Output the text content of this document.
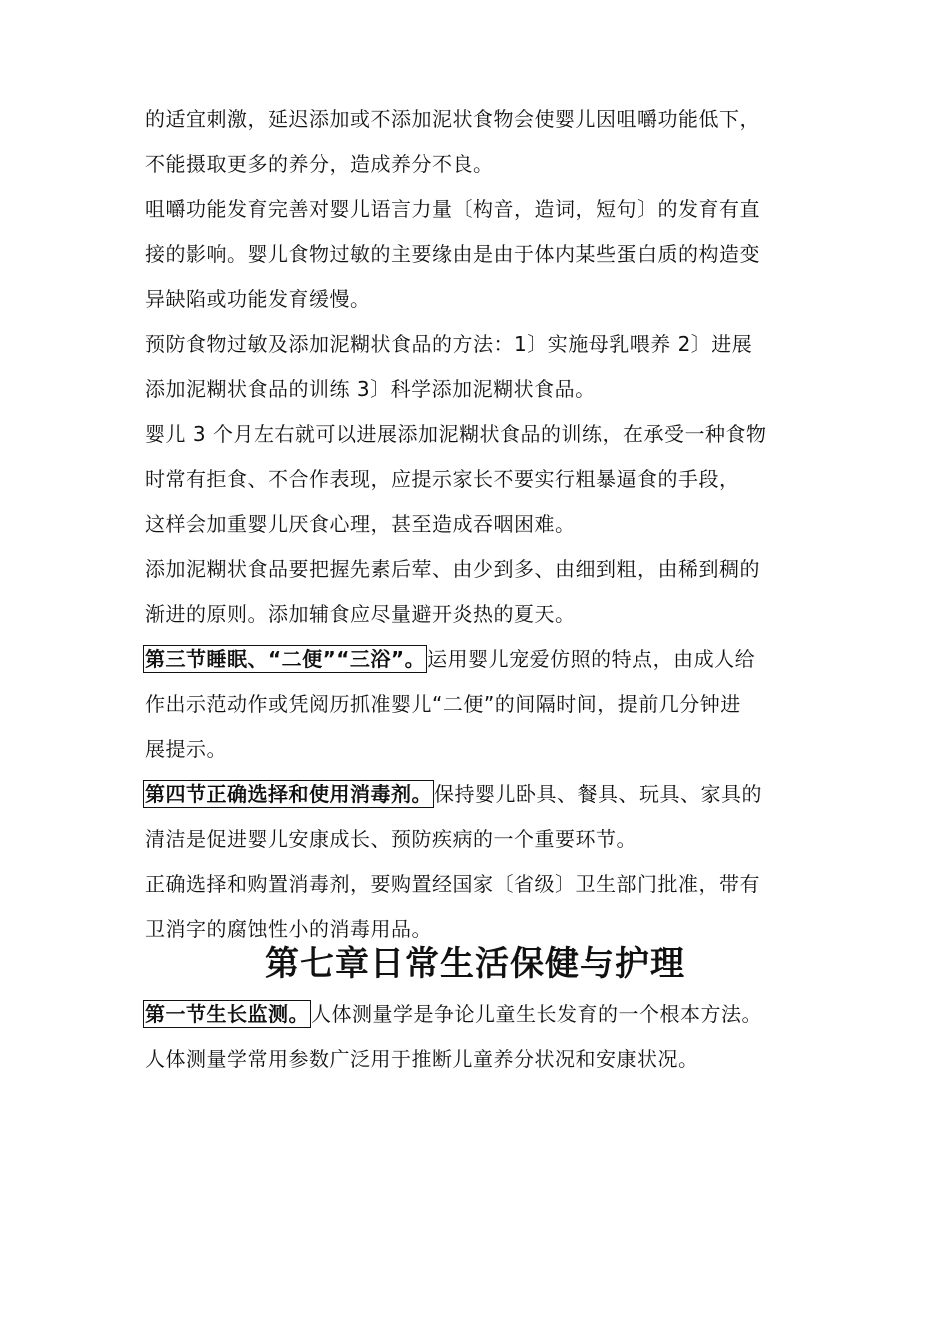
的适宜刺激，延迟添加或不添加泥状食物会使婴儿因咀嚼功能低下，
不能摄取更多的养分，造成养分不良。
咀嚼功能发育完善对婴儿语言力量〔构音，造词，短句〕的发育有直
接的影响。婴儿食物过敏的主要缘由是由于体内某些蛋白质的构造变
异缺陷或功能发育缓慢。
预防食物过敏及添加泥糊状食品的方法：1〕实施母乳喂养 2〕进展
添加泥糊状食品的训练 3〕科学添加泥糊状食品。
婴儿 3 个月左右就可以进展添加泥糊状食品的训练，在承受一种食物
时常有拒食、不合作表现，应提示家长不要实行粗暴逼食的手段，
这样会加重婴儿厌食心理，甚至造成吞咽困难。
添加泥糊状食品要把握先素后荤、由少到多、由细到粗，由稀到稠的
渐进的原则。添加辅食应尽量避开炎热的夏天。
第三节睡眠、“二便”“三浴”。 运用婴儿宠爱仿照的特点，由成人给
作出示范动作或凭阅历抓准婴儿“二便”的间隔时间，提前几分钟进
展提示。
第四节正确选择和使用消毒剂。 保持婴儿卧具、餐具、玩具、家具的
清洁是促进婴儿安康成长、预防疾病的一个重要环节。
正确选择和购置消毒剂，要购置经国家〔省级〕卫生部门批准，带有
卫消字的腐蚀性小的消毒用品。
第七章日常生活保健与护理
第一节生长监测。 人体测量学是争论儿童生长发育的一个根本方法。
人体测量学常用参数广泛用于推断儿童养分状况和安康状况。
